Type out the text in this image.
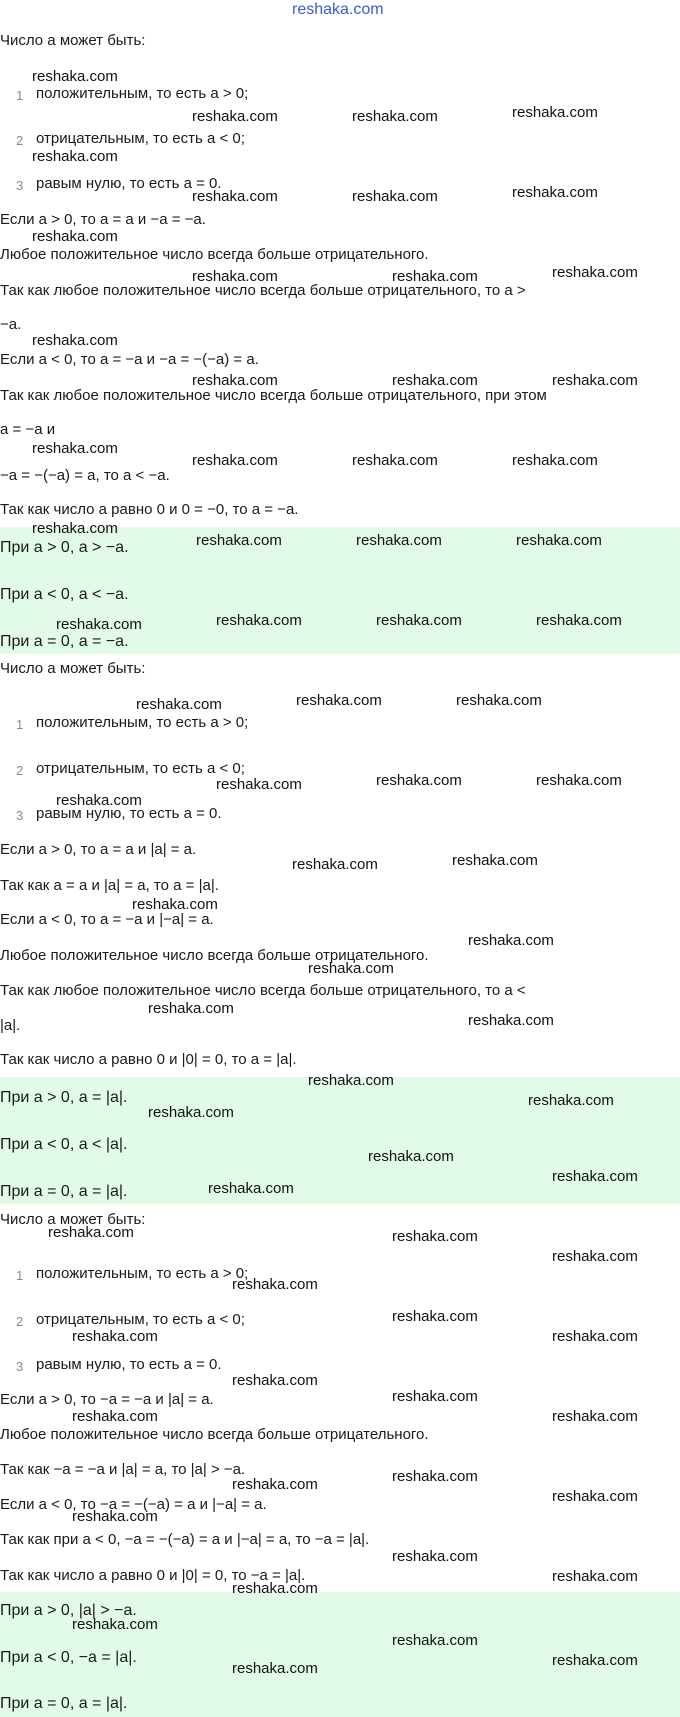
reshaka.com
Число a может быть:
1 положительным, то есть a > 0;
2 отрицательным, то есть a < 0;
3 равым нулю, то есть a = 0.
Если a > 0, то a = a и −a = −a.
Любое положительное число всегда больше отрицательного.
Так как любое положительное число всегда больше отрицательного, то a >
−a.
Если a < 0, то a = −a и −a = −(−a) = a.
Так как любое положительное число всегда больше отрицательного, при этом
a = −a и
−a = −(−a) = a, то a < −a.
Так как число a равно 0 и 0 = −0, то a = −a.
При a > 0, a > −a.
При a < 0, a < −a.
При a = 0, a = −a.
Число a может быть:
1 положительным, то есть a > 0;
2 отрицательным, то есть a < 0;
3 равым нулю, то есть a = 0.
Если a > 0, то a = a и |a| = a.
Так как a = a и |a| = a, то a = |a|.
Если a < 0, то a = −a и |−a| = a.
Любое положительное число всегда больше отрицательного.
Так как любое положительное число всегда больше отрицательного, то a <
|a|.
Так как число a равно 0 и |0| = 0, то a = |a|.
При a > 0, a = |a|.
При a < 0, a < |a|.
При a = 0, a = |a|.
Число a может быть:
1 положительным, то есть a > 0;
2 отрицательным, то есть a < 0;
3 равым нулю, то есть a = 0.
Если a > 0, то −a = −a и |a| = a.
Любое положительное число всегда больше отрицательного.
Так как −a = −a и |a| = a, то |a| > −a.
Если a < 0, то −a = −(−a) = a и |−a| = a.
Так как при a < 0, −a = −(−a) = a и |−a| = a, то −a = |a|.
Так как число a равно 0 и |0| = 0, то −a = |a|.
При a > 0, |a| > −a.
При a < 0, −a = |a|.
При a = 0, a = |a|.
reshaka.com
reshaka.com	reshaka.com	reshaka.com
reshaka.com
reshaka.com	reshaka.com	reshaka.com
reshaka.com
reshaka.com	reshaka.com	reshaka.com
reshaka.com
reshaka.com	reshaka.com	reshaka.com
reshaka.com
reshaka.com	reshaka.com	reshaka.com
reshaka.com
reshaka.com	reshaka.com	reshaka.com
reshaka.com	reshaka.com	reshaka.com
reshaka.com
reshaka.com	reshaka.com	reshaka.com
reshaka.com	reshaka.com	reshaka.com
reshaka.com
reshaka.com	reshaka.com
reshaka.com
reshaka.com
reshaka.com
reshaka.com
reshaka.com
reshaka.com
reshaka.com
reshaka.com
reshaka.com
reshaka.com
reshaka.com
reshaka.com	reshaka.com
reshaka.com
reshaka.com
reshaka.com
reshaka.com
reshaka.com
reshaka.com
reshaka.com
reshaka.com
reshaka.com
reshaka.com	reshaka.com
reshaka.com
reshaka.com
reshaka.com
reshaka.com
reshaka.com
reshaka.com
reshaka.com
reshaka.com
reshaka.com
